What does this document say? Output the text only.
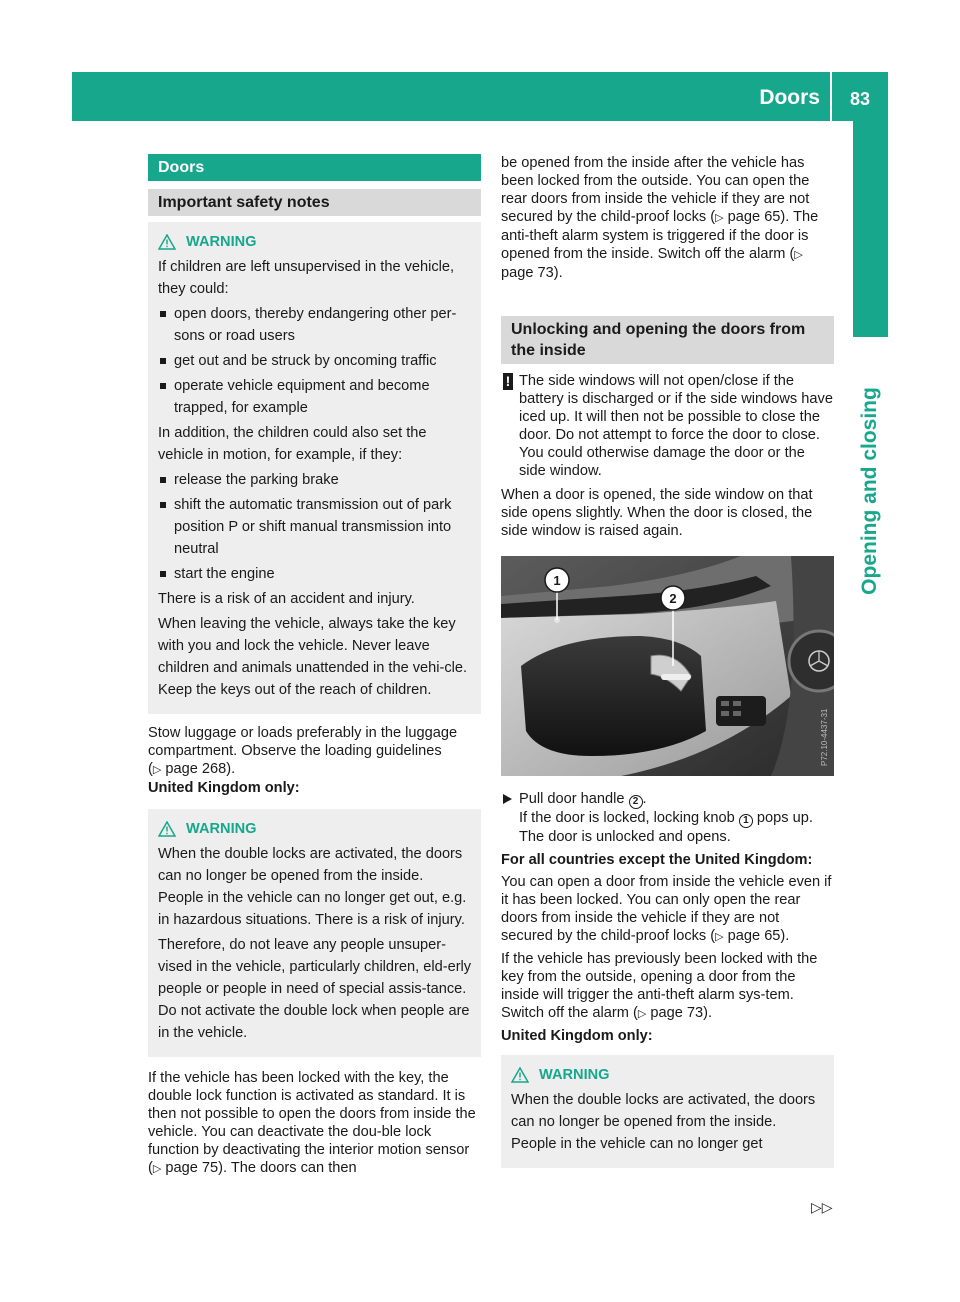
Doors 83
Opening and closing
Doors
Important safety notes
WARNING

If children are left unsupervised in the vehicle, they could:

open doors, thereby endangering other per-sons or road users
get out and be struck by oncoming traffic
operate vehicle equipment and become trapped, for example

In addition, the children could also set the vehicle in motion, for example, if they:

release the parking brake
shift the automatic transmission out of park position P or shift manual transmission into neutral
start the engine

There is a risk of an accident and injury.

When leaving the vehicle, always take the key with you and lock the vehicle. Never leave children and animals unattended in the vehi-cle. Keep the keys out of the reach of children.

Stow luggage or loads preferably in the luggage compartment. Observe the loading guidelines
(▷ page 268).

United Kingdom only:

WARNING

When the double locks are activated, the doors can no longer be opened from the inside. People in the vehicle can no longer get out, e.g. in hazardous situations. There is a risk of injury.

Therefore, do not leave any people unsuper-vised in the vehicle, particularly children, eld-erly people or people in need of special assis-tance. Do not activate the double lock when people are in the vehicle.

If the vehicle has been locked with the key, the double lock function is activated as standard. It is then not possible to open the doors from inside the vehicle. You can deactivate the dou-ble lock function by deactivating the interior motion sensor (▷ page 75). The doors can then

be opened from the inside after the vehicle has been locked from the outside. You can open the rear doors from inside the vehicle if they are not secured by the child-proof locks (▷ page 65). The anti-theft alarm system is triggered if the door is opened from the inside. Switch off the alarm (▷ page 73).

Unlocking and opening the doors from the inside

! The side windows will not open/close if the battery is discharged or if the side windows have iced up. It will then not be possible to close the door. Do not attempt to force the door to close. You could otherwise damage the door or the side window.

When a door is opened, the side window on that side opens slightly. When the door is closed, the side window is raised again.

1
2
P72.10-4437-31
Pull door handle 2 .
If the door is locked, locking knob 1 pops up. The door is unlocked and opens.

For all countries except the United Kingdom:

You can open a door from inside the vehicle even if it has been locked. You can only open the rear doors from inside the vehicle if they are not secured by the child-proof locks (▷ page 65).

If the vehicle has previously been locked with the key from the outside, opening a door from the inside will trigger the anti-theft alarm sys-tem. Switch off the alarm (▷ page 73).

United Kingdom only:

WARNING

When the double locks are activated, the doors can no longer be opened from the inside. People in the vehicle can no longer get

▷▷
